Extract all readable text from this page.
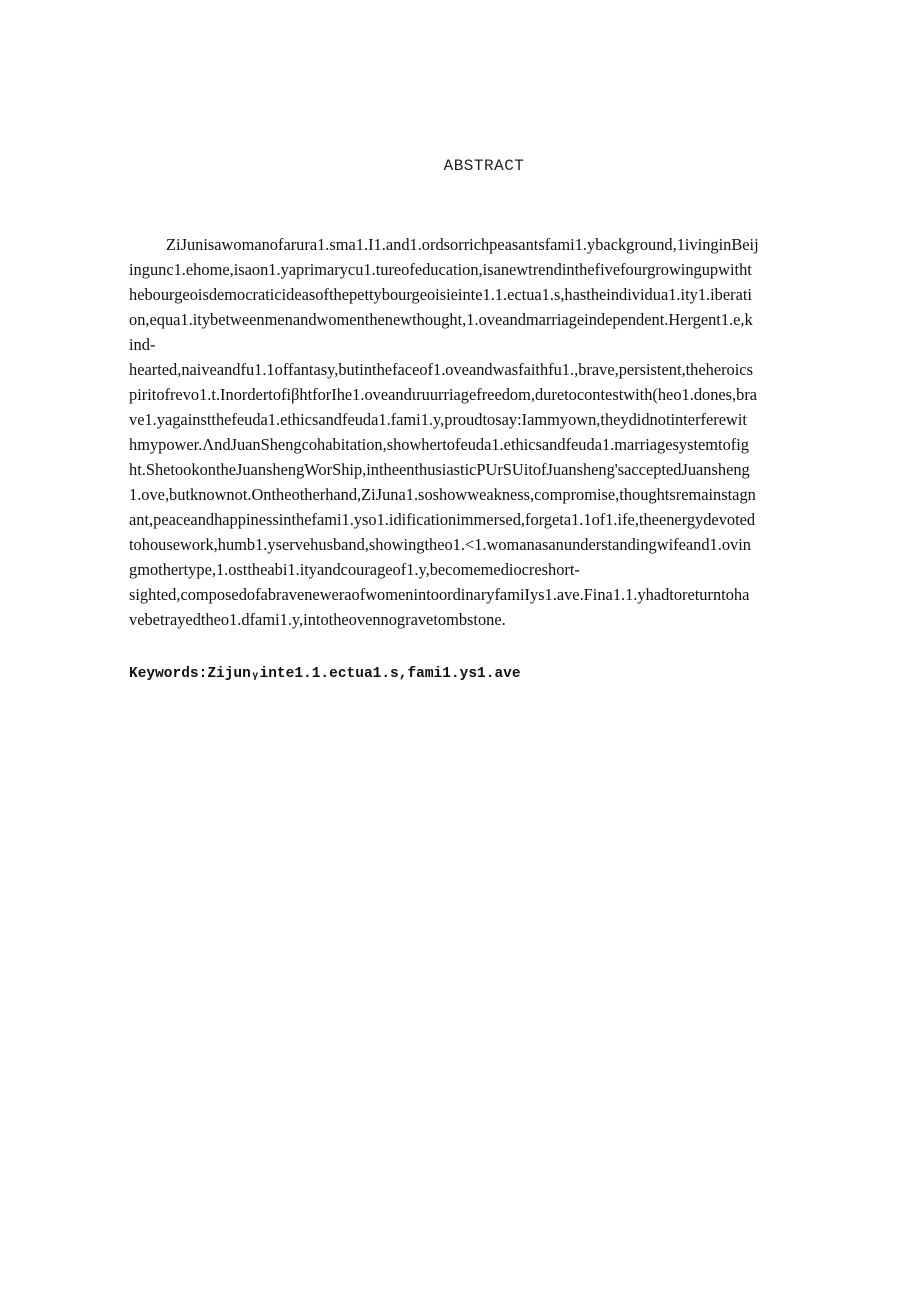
ABSTRACT
ZiJunisawomanofarura1.sma1.I1.and1.ordsorrichpeasantsfami1.ybackground,1ivinginBeij
ingunc1.ehome,isaon1.yaprimarycu1.tureofeducation,isanewtrendinthefivefourgrowingupwitht
hebourgeoisdemocraticideasofthepettybourgeoisieinte1.1.ectua1.s,hastheindividua1.ity1.iberati
on,equa1.itybetweenmenandwomenthenewthought,1.oveandmarriageindependent.Hergent1.e,k
ind-
hearted,naiveandfu1.1offantasy,butinthefaceof1.oveandwasfaithfu1.,brave,persistent,theheroics
piritofrevo1.t.InordertofiβhtforIhe1.oveandιruurriagefreedom,duretocontestwith(heo1.dones,bra
ve1.yagainstthefeuda1.ethicsandfeuda1.fami1.y,proudtosay:Iammyown,theydidnotinterferewit
hmypower.ΛndJuanShengcohabitation,showhertofeuda1.ethicsandfeuda1.marriagesystemtofig
ht.ShetookontheJuanshengWorShip,intheenthusiasticPUrSUitofJuansheng'sacceptedJuansheng
1.ove,butknownot.Ontheotherhand,ZiJuna1.soshowweakness,compromise,thoughtsremainstagn
ant,peaceandhappinessinthefami1.yso1.idificationimmersed,forgeta1.1of1.ife,theenergydevoted
tohousework,humb1.yservehusband,showingtheo1.<1.womanasanunderstandingwifeand1.ovin
gmothertype,1.osttheabi1.ityandcourageof1.y,becomemediocreshort-
sighted,composedofabraveneweraofwomenintoordinaryfamiIys1.ave.Fina1.1.yhadtoreturntoha
vebetrayedtheo1.dfami1.y,intotheovennogravetombstone.
Keywords:Zijunᵧinte1.1.ectua1.s,fami1.ys1.ave
